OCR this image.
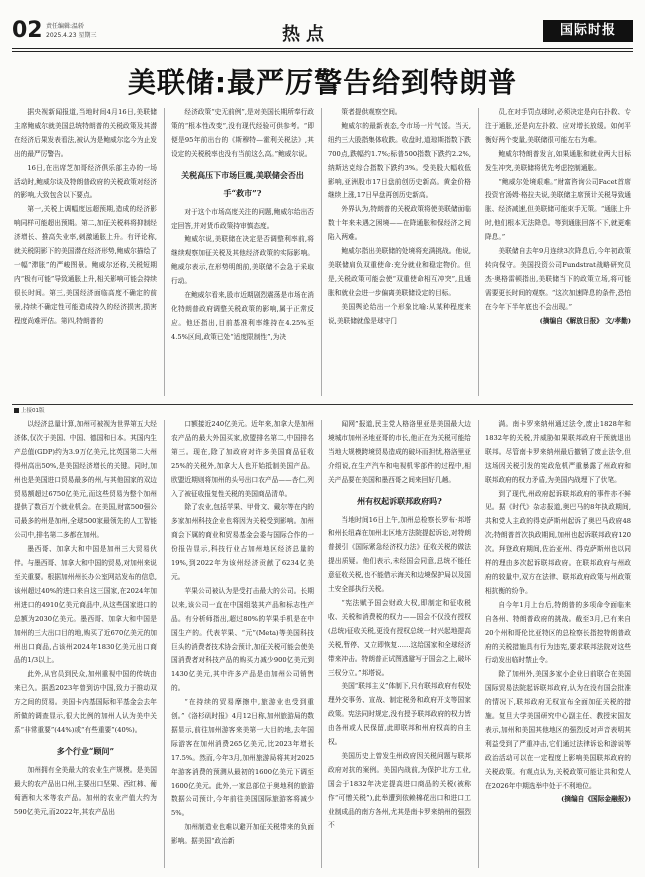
02 责任编辑:温轿
2025.4.23 星期三	热点	国际时报
美联储:最严厉警告给到特朗普

据央视新闻报道,当地时间4月16日,美联储主席鲍威尔就美国总统特朗普的关税政策及其潜在经济后果发表看法,被认为是鲍威尔迄今为止发出的最严厉警告。

16日,在出席芝加哥经济俱乐部主办的一场活动时,鲍威尔谈及特朗普政府的关税政策对经济的影响,大致包含以下要点。

第一,关税上调幅度远超预期,造成的经济影响同样可能超出预期。第二,加征关税料将抑制经济增长、推高失业率,刺激通胀上升。有评论称,就关税阴影下的美国潜在经济形势,鲍威尔描绘了一幅“滞胀”的严峻图景。鲍威尔还称,关税短期内“极有可能”导致通胀上升,相关影响可能会持续很长时间。第三,美国经济面临高度不确定的前景,持续不确定性可能造成持久的经济损害,损害程度尚难评估。第四,特朗普的

经济政策“史无前例”,是对美国长期所奉行政策的“根本性改变”,没有现代经验可供参考。“即便是95年前出台的《斯穆特—霍利关税法》,其设定的关税税率也没有当前这么高。”鲍威尔说。

关税高压下市场巨震,美联储会否出手“救市”?

对于这个市场高度关注的问题,鲍威尔给出否定回答,并对货币政策持审慎态度。

鲍威尔说,美联储在决定是否调整利率前,将继续观察加征关税及其他经济政策的实际影响。鲍威尔表示,在形势明朗前,美联储不会急于采取行动。

在鲍威尔看来,股市近期剧烈震荡是市场在消化特朗普政府调整关税政策的影响,属于正常反应。他还指出,目前基准利率维持在4.25%至4.5%区间,政策已处“适度限制性”,为决

策者提供观察空间。

鲍威尔的最新表态,令市场一片气馁。当天,纽约三大股指集体收跌。收盘时,道琼斯指数下跌700点,跌幅约1.7%;标普500指数下跌约2.2%,纳斯达克综合指数下跌约3%。受美股大幅收低影响,亚洲股市17日盘前创历史新高。黄金价格继续上涨,17日早盘再创历史新高。

外界认为,特朗普的关税政策将使美联储面临数十年来未遇之困境——在降通胀和保经济之间陷入两难。

鲍威尔指出美联储的处境将充满挑战。他说,美联储肩负双重使命:充分就业和稳定物价。但是,关税政策可能会使“双重使命相互冲突”,且通胀和就业会进一步偏离美联储设定的目标。

美国舆论给出一个形象比喻:从某种程度来说,美联储就像是球守门

员,在对手罚点球时,必须决定是向右扑救、专注于通胀,还是向左扑救、应对增长放缓。如何平衡好两个变量,美联储很可能左右为难。

鲍威尔特朗普发言,如果通胀和就业两大目标发生冲突,美联储将优先考虑控制通胀。

“鲍威尔处境艰难。”财富咨询公司Facet首席投资官汤姆·格拉夫说,美联储主席预计关税导致通胀、经济减速,但美联储可能束手无策。“通胀上升时,他们根本无法降息。等到通胀回落不下,就更难降息。”

美联储自去年9月连续3次降息后,今年初政策转向保守。美国投资公司Fundstrat战略研究员杰·奥格雷顿指出,美联储当下的政策立场,将可能需要更长时间的观察。“这次加速降息的条件,恐怕在今年下半年底也不会出现。”

(摘编自《解放日报》 文/孝勤)

上接01版

以经济总量计算,加州可被视为世界第五大经济体,仅次于美国、中国、德国和日本。其国内生产总值(GDP)约为3.9万亿美元,比英国第二大州得州高出50%,是美国经济增长的关键。同时,加州也是美国进口贸易最多的州,与其他国家的双边贸易额超过6750亿美元,而这些贸易为整个加州提供了数百万个就业机会。在美国,财富500强公司最多的州是加州,全球500家最领先的人工智能公司中,排名第二多都在加州。

墨西哥、加拿大和中国是加州三大贸易伙伴。与墨西哥、加拿大和中国的贸易,对加州来说至关重要。根据加州州长办公室网站发布的信息,该州超过40%的进口来自这三国家,在2024年加州进口的4910亿美元商品中,从这些国家进口的总额为2030亿美元。墨西哥、加拿大和中国是加州的三大出口目的地,购买了近670亿美元的加州出口商品,占该州2024年1830亿美元出口商品的1/3以上。

此外,从官员到民众,加州重视中国的传统由来已久。据悉2023年曾到访中国,致力于推动双方之间的贸易。美国卡内基国际和平基金会去年所做的调查显示,很大比例的加州人认为美中关系“非常重要”(44%)或“有些重要”(40%)。

多个行业“顾问”

加州拥有全美最大的农业生产规模。是美国最大的农产品出口州,主要出口坚果、西红柿、葡萄酒和大米等农产品。加州的农业产值大约为590亿美元,而2022年,其农产品出

口额接近240亿美元。近年来,加拿大是加州农产品的最大外国买家,欧盟排名第二,中国排名第三。现在,除了加政府对许多美国商品征收25%的关税外,加拿大人也开始抵制美国产品。欧盟近期则将加州的头号出口农产品——杏仁,列入了被征收报复性关税的美国商品清单。

除了农业,包括苹果、甲骨文、戴尔等在内的多家加州科技企业也将因为关税受到影响。加州商会下属的商业和贸易基金会委与国际合作的一份报告显示,科技行业占加州地区经济总量的19%,到2022年为该州经济贡献了6234亿美元。

苹果公司被认为是受打击最大的公司。长期以来,该公司一直在中国组装其产品和标志性产品。有分析师指出,超过80%的苹果手机是在中国生产的。代表苹果、“元”(Meta)等美国科技巨头的消费者技术协会预计,加征关税可能会使美国消费者对科技产品的购买力减少900亿美元到1430亿美元,其中许多产品是由加州公司销售的。

“在持续的贸易摩擦中,旅游业也受到重创。”《洛杉矶时报》4月12日称,加州旅游局的数据显示,前往加州游客来美第一大目的地,去年国际游客在加州消费265亿美元,比2023年增长17.5%。然而,今年3月,加州旅游局将其对2025年游客消费的预测从最初的1600亿美元下调至1600亿美元。此外,一家总部位于奥地利的旅游数据公司预计,今年前往美国国际旅游客将减少5%。

加州制造业也难以避开加征关税带来的负面影响。据美国“政治新

闻网”报道,民主党人格洛里亚是美国最大边境城市加州圣地亚哥的市长,他正在为关税可能给当地大规模跨境贸易造成的破坏而担忧,格洛里亚介绍说,在生产汽车和电视机零部件的过程中,相关产品要在美国和墨西哥之间来回好几趟。

州有权起诉联邦政府吗?

当地时间16日上午,加州总检察长罗布·邦塔和州长纽森在加州北区地方法院提起诉讼,对特朗普援引《国际紧急经济权力法》征收关税的做法提出质疑。他们表示,未经国会同意,总统不能任意征收关税,也不能借示海关和边境保护局以及国土安全部执行关税。

“宪法赋予国会财政大权,即制定和征收税收、关税和消费税的权力——国会不仅没有授权(总统)征收关税,更没有授权总统一时兴起地提高关税,暂停、又立即恢复……这给国家和全球经济带来冲击。特朗普正试图逃避写于国会之上,破坏三权分立。”邦塔说。

美国“联邦主义”体制下,只有联邦政府有权处理外交事务、宣战、制定税务和政府开支等国家政策。宪法同时规定,没有授予联邦政府的权力皆由各州或人民保留,此即联邦和州府权高的自主权。

美国历史上曾发生州政府因关税问题与联邦政府对抗的案例。美国内战前,为保护北方工业,国会于1832年决定提高进口商品的关税(被称作“可憎关税”),此举遭到依赖棉花出口和进口工业制成品的南方各州,尤其是南卡罗来纳州的强烈不

满。南卡罗来纳州通过法令,废止1828年和1832年的关税,并威胁如果联邦政府干预就退出联邦。尽管南卡罗来纳州最后撤销了废止法令,但这场因关税引发的宪政危机严重暴露了州政府和联邦政府的权力矛盾,为美国内战埋下了伏笔。

到了现代,州政府起诉联邦政府的事件亦不鲜见。据《时代》杂志报道,奥巴马的8年执政期间,共和党人主政的得克萨斯州起诉了奥巴马政府48次;特朗普首次执政期间,加州也起诉联邦政府120次。拜登政府期间,佐治亚州、得克萨斯州也以同样的理由多次起诉联邦政府。在联邦政府与州政府的较量中,双方在法律、联邦政府政策与州政策相抗衡的纷争。

自今年1月上台后,特朗普的多项命令面临来自各州、特朗普政府的挑战。截至3月,已有来自20个州和哥伦比亚特区的总检察长指控特朗普政府的关税措施具有行为违宪,要求联邦法院对这些行动发出临时禁止令。

除了加州外,美国多家小企业日前联合在美国国际贸易法院起诉联邦政府,认为在没有国会批准的情况下,联邦政府无权宣布全面加征关税的措施。复旦大学美国研究中心副主任、教授宋国友表示,加州和美国其他地区的强烈反对声音表明其利益受到了严重冲击,它们通过法律诉讼和游说等政治活动可以在一定程度上影响美国联邦政府的关税政策。有观点认为,关税政策可能让共和党人在2026年中期选举中处于不利地位。

(摘编自《国际金融报》)
